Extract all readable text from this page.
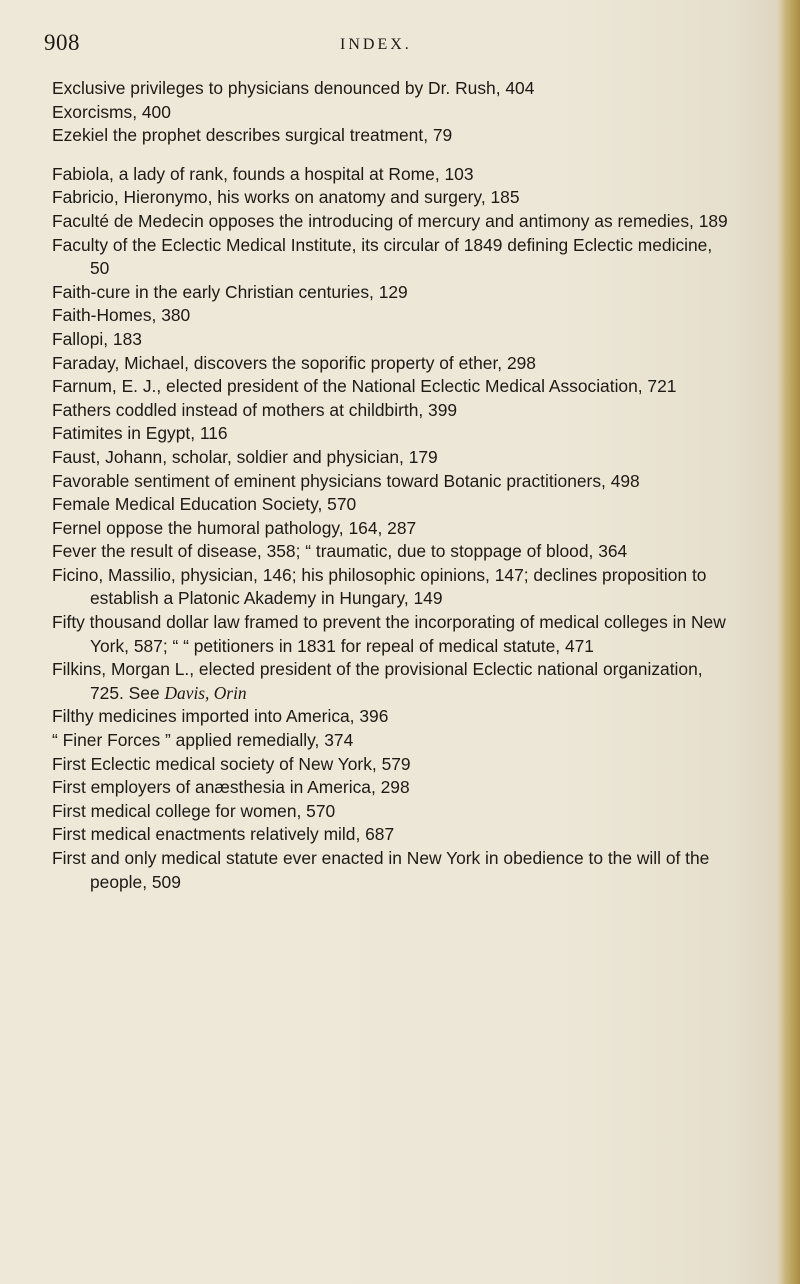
908	INDEX.
Exclusive privileges to physicians denounced by Dr. Rush, 404
Exorcisms, 400
Ezekiel the prophet describes surgical treatment, 79
Fabiola, a lady of rank, founds a hospital at Rome, 103
Fabricio, Hieronymo, his works on anatomy and surgery, 185
Faculté de Medecin opposes the introducing of mercury and antimony as remedies, 189
Faculty of the Eclectic Medical Institute, its circular of 1849 defining Eclectic medicine, 50
Faith-cure in the early Christian centuries, 129
Faith-Homes, 380
Fallopi, 183
Faraday, Michael, discovers the soporific property of ether, 298
Farnum, E. J., elected president of the National Eclectic Medical Association, 721
Fathers coddled instead of mothers at childbirth, 399
Fatimites in Egypt, 116
Faust, Johann, scholar, soldier and physician, 179
Favorable sentiment of eminent physicians toward Botanic practitioners, 498
Female Medical Education Society, 570
Fernel oppose the humoral pathology, 164, 287
Fever the result of disease, 358; “ traumatic, due to stoppage of blood, 364
Ficino, Massilio, physician, 146; his philosophic opinions, 147; declines proposition to establish a Platonic Akademy in Hungary, 149
Fifty thousand dollar law framed to prevent the incorporating of medical colleges in New York, 587; “ “ petitioners in 1831 for repeal of medical statute, 471
Filkins, Morgan L., elected president of the provisional Eclectic national organization, 725. See Davis, Orin
Filthy medicines imported into America, 396
“ Finer Forces ” applied remedially, 374
First Eclectic medical society of New York, 579
First employers of anæsthesia in America, 298
First medical college for women, 570
First medical enactments relatively mild, 687
First and only medical statute ever enacted in New York in obedience to the will of the people, 509
